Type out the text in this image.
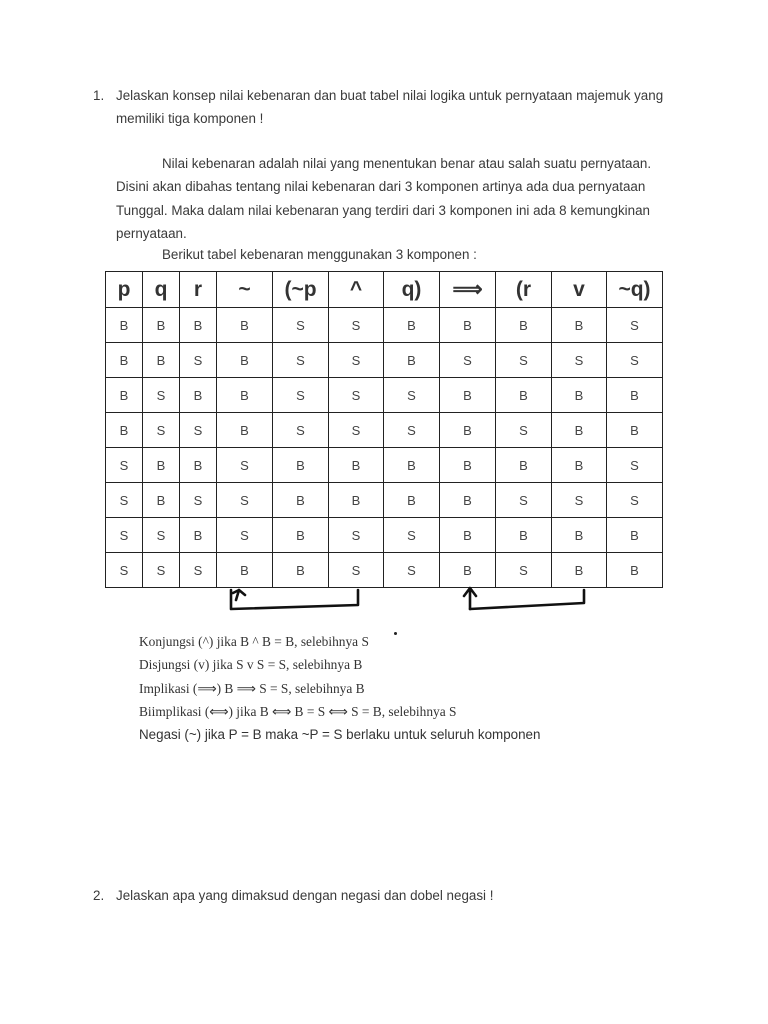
1. Jelaskan konsep nilai kebenaran dan buat tabel nilai logika untuk pernyataan majemuk yang memiliki tiga komponen !

Nilai kebenaran adalah nilai yang menentukan benar atau salah suatu pernyataan. Disini akan dibahas tentang nilai kebenaran dari 3 komponen artinya ada dua pernyataan Tunggal. Maka dalam nilai kebenaran yang terdiri dari 3 komponen ini ada 8 kemungkinan pernyataan.

Berikut tabel kebenaran menggunakan 3 komponen :
p	q	r	~	(~p	^	q)	⟹	(r	v	~q)
B	B	B	B	S	S	B	B	B	B	S
B	B	S	B	S	S	B	S	S	S	S
B	S	B	B	S	S	S	B	B	B	B
B	S	S	B	S	S	S	B	S	B	B
S	B	B	S	B	B	B	B	B	B	S
S	B	S	S	B	B	B	B	S	S	S
S	S	B	S	B	S	S	B	B	B	B
S	S	S	B	B	S	S	B	S	B	B
Konjungsi (^) jika B ^ B = B, selebihnya S
Disjungsi (v) jika S v S = S, selebihnya B
Implikasi (⟹) B ⟹ S = S, selebihnya B
Biimplikasi (⟺) jika B ⟺ B = S ⟺ S = B, selebihnya S
Negasi (~) jika P = B maka ~P = S berlaku untuk seluruh komponen
2. Jelaskan apa yang dimaksud dengan negasi dan dobel negasi !
